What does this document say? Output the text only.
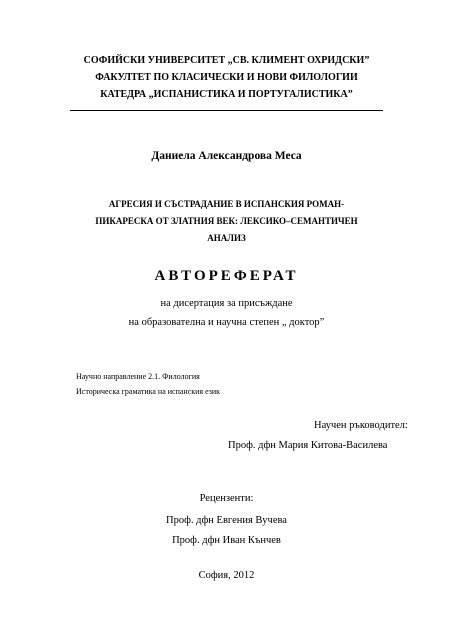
СОФИЙСКИ УНИВЕРСИТЕТ „СВ. КЛИМЕНТ ОХРИДСКИ”
ФАКУЛТЕТ ПО КЛАСИЧЕСКИ И НОВИ ФИЛОЛОГИИ
КАТЕДРА „ИСПАНИСТИКА И ПОРТУГАЛИСТИКА”
Даниела Александрова Меса
АГРЕСИЯ И СЪСТРАДАНИЕ В ИСПАНСКИЯ РОМАН-
ПИКАРЕСКА ОТ ЗЛАТНИЯ ВЕК: ЛЕКСИКО–СЕМАНТИЧЕН
АНАЛИЗ
АВТОРЕФЕРАТ
на дисертация за присъждане
на образователна и научна степен „ доктор”
Научно направление 2.1. Филология
Историческа граматика на испанския език
Научен ръководител:
Проф. дфн Мария Китова-Василева
Рецензенти:
Проф. дфн Евгения Вучева
Проф. дфн Иван Кънчев
София, 2012
